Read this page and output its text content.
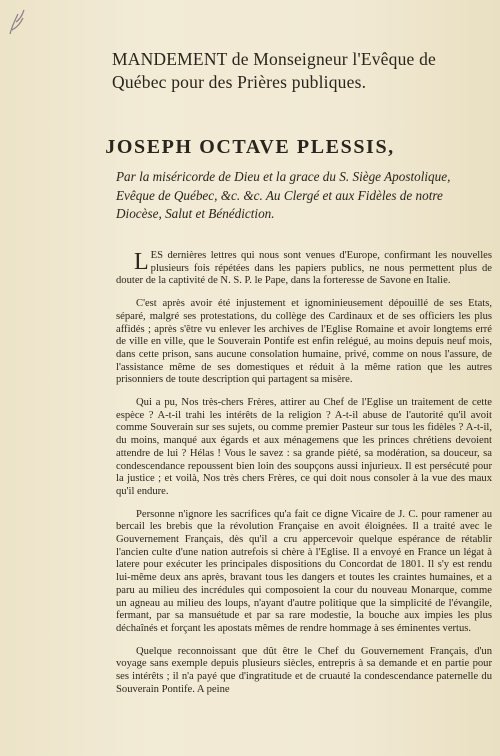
MANDEMENT de Monseigneur l'Evêque de
Québec pour des Prières publiques.
JOSEPH OCTAVE PLESSIS,
Par la miséricorde de Dieu et la grace du S. Siège Apostolique, Evêque de Québec, &c. &c. Au Clergé et aux Fidèles de notre Diocèse, Salut et Bénédiction.

LES dernières lettres qui nous sont venues d'Europe, confirmant les nouvelles plusieurs fois répétées dans les papiers publics, ne nous permettent plus de douter de la captivité de N. S. P. le Pape, dans la forteresse de Savone en Italie.

C'est après avoir été injustement et ignominieusement dépouillé de ses Etats, séparé, malgré ses protestations, du collège des Cardinaux et de ses officiers les plus affidés ; après s'être vu enlever les archives de l'Eglise Romaine et avoir longtems erré de ville en ville, que le Souverain Pontife est enfin relégué, au moins depuis neuf mois, dans cette prison, sans aucune consolation humaine, privé, comme on nous l'assure, de l'assistance même de ses domestiques et réduit à la même ration que les autres prisonniers de toute description qui partagent sa misère.

Qui a pu, Nos très-chers Frères, attirer au Chef de l'Eglise un traitement de cette espèce ? A-t-il trahi les intérêts de la religion ? A-t-il abuse de l'autorité qu'il avoit comme Souverain sur ses sujets, ou comme premier Pasteur sur tous les fidèles ? A-t-il, du moins, manqué aux égards et aux ménagemens que les princes chrétiens devoient attendre de lui ? Hélas ! Vous le savez : sa grande piété, sa modération, sa douceur, sa condescendance repoussent bien loin des soupçons aussi injurieux. Il est persécuté pour la justice ; et voilà, Nos très chers Frères, ce qui doit nous consoler à la vue des maux qu'il endure.

Personne n'ignore les sacrifices qu'a fait ce digne Vicaire de J. C. pour ramener au bercail les brebis que la révolution Française en avoit éloignées. Il a traité avec le Gouvernement Français, dès qu'il a cru appercevoir quelque espérance de rétablir l'ancien culte d'une nation autrefois si chère à l'Eglise. Il a envoyé en France un légat à latere pour exécuter les principales dispositions du Concordat de 1801. Il s'y est rendu lui-même deux ans après, bravant tous les dangers et toutes les craintes humaines, et a paru au milieu des incrédules qui composoient la cour du nouveau Monarque, comme un agneau au milieu des loups, n'ayant d'autre politique que la simplicité de l'évangile, fermant, par sa mansuétude et par sa rare modestie, la bouche aux impies les plus déchaînés et forçant les apostats mêmes de rendre hommage à ses éminentes vertus.

Quelque reconnoissant que dût être le Chef du Gouvernement Français, d'un voyage sans exemple depuis plusieurs siècles, entrepris à sa demande et en partie pour ses intérêts ; il n'a payé que d'ingratitude et de cruauté la condescendance paternelle du Souverain Pontife. A peine
